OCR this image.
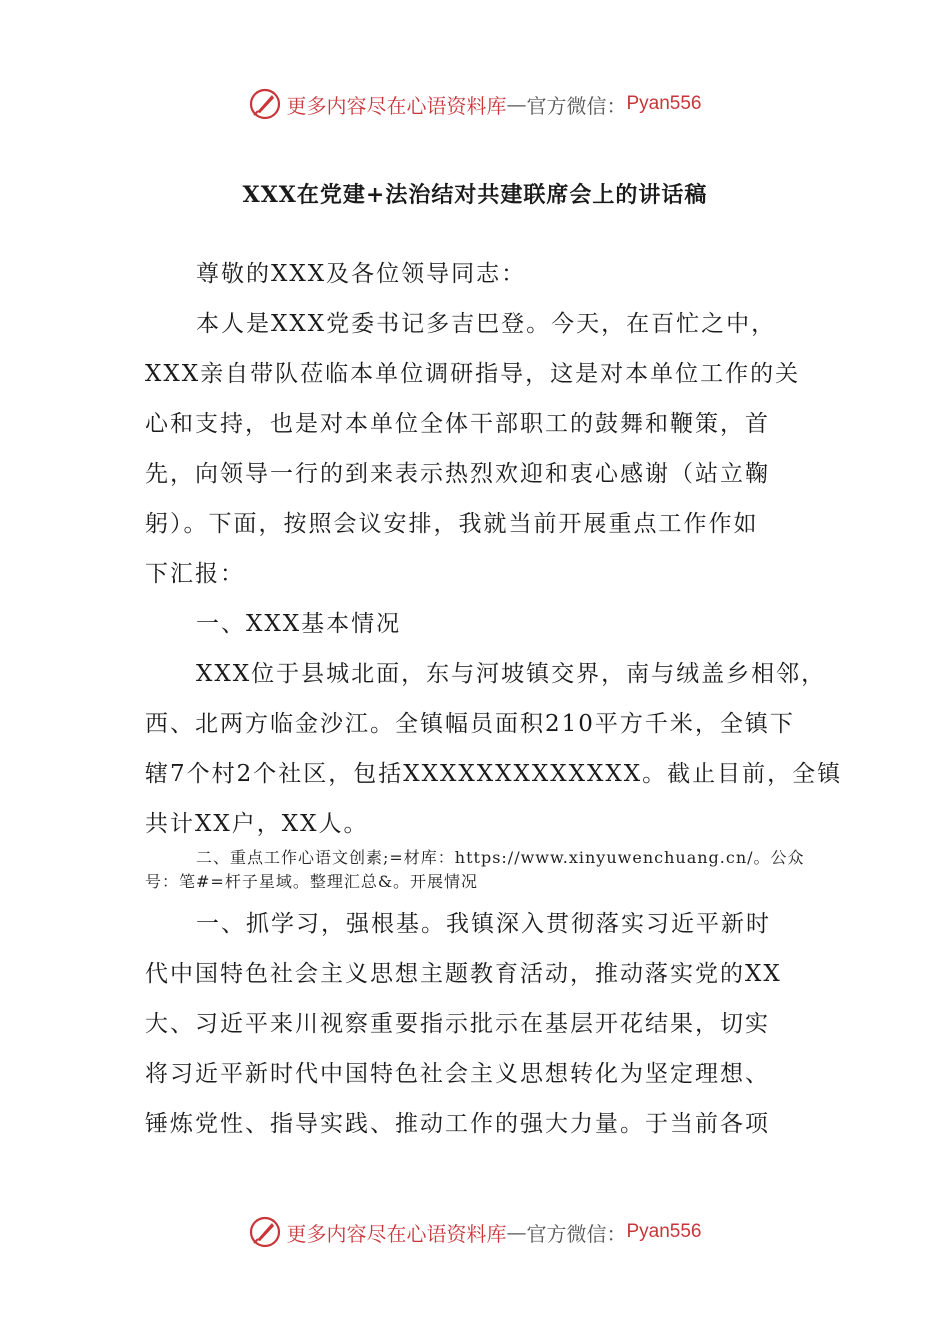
更多内容尽在心语资料库 — 官方微信： Pyan556
XXX在党建+法治结对共建联席会上的讲话稿
尊敬的XXX及各位领导同志：
本人是XXX党委书记多吉巴登。今天，在百忙之中，
XXX亲自带队莅临本单位调研指导，这是对本单位工作的关
心和支持，也是对本单位全体干部职工的鼓舞和鞭策，首
先，向领导一行的到来表示热烈欢迎和衷心感谢（站立鞠
躬）。下面，按照会议安排，我就当前开展重点工作作如
下汇报：
一、XXX基本情况
XXX位于县城北面，东与河坡镇交界，南与绒盖乡相邻，
西、北两方临金沙江。全镇幅员面积210平方千米，全镇下
辖7个村2个社区，包括XXXXXXXXXXXXX。截止目前，全镇
共计XX户，XX人。
二、重点工作心语文创素;=材库：https://www.xinyuwenchuang.cn/。公众
号：笔#=杆子星域。整理汇总&。开展情况
一、抓学习，强根基。我镇深入贯彻落实习近平新时
代中国特色社会主义思想主题教育活动，推动落实党的XX
大、习近平来川视察重要指示批示在基层开花结果，切实
将习近平新时代中国特色社会主义思想转化为坚定理想、
锤炼党性、指导实践、推动工作的强大力量。于当前各项
更多内容尽在心语资料库 — 官方微信： Pyan556
